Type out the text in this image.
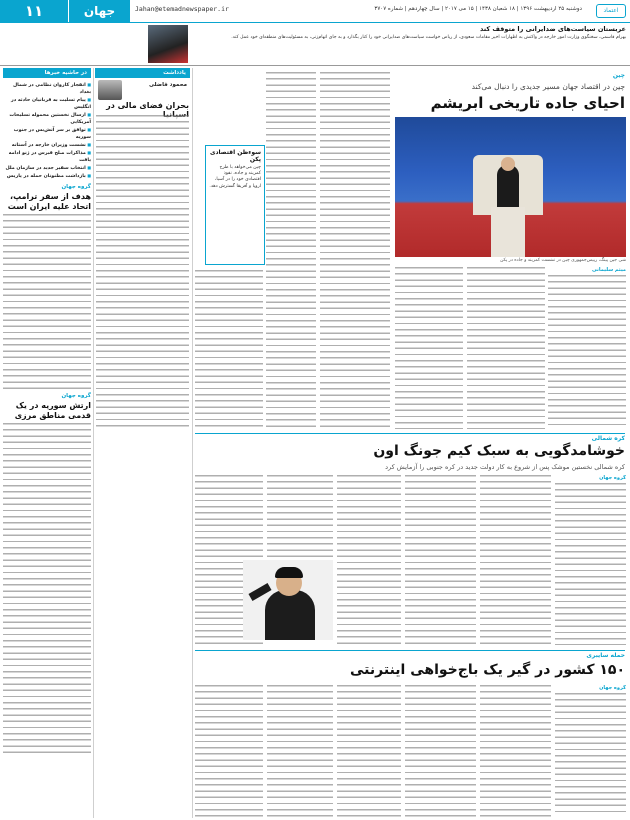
۱۱	جهان	Jahan@etemadnewspaper.ir	دوشنبه ۲۵ اردیبهشت ۱۳۹۶ | ۱۸ شعبان ۱۴۳۸ | ۱۵ می ۲۰۱۷ | سال چهاردهم | شماره ۳۷۰۷	اعتماد
عربستان سیاست‌های ضدایرانی را متوقف کند
بهرام قاسمی، سخنگوی وزارت امور خارجه در واکنش به اظهارات اخیر مقامات سعودی، از ریاض خواست سیاست‌های ضدایرانی خود را کنار بگذارد و به جای اتهام‌زنی، به مسئولیت‌های منطقه‌ای خود عمل کند.
در حاشیه خبرها
■ انفجار کاروان نظامی در شمال بغداد
■ پیام تسلیت به قربانیان حادثه در انگلیس
■ ارسال نخستین محموله تسلیحات آمریکایی
■ توافق بر سر آتش‌بس در جنوب سوریه
■ نشست وزیران خارجه در آستانه
■ مذاکرات صلح قبرس در ژنو ادامه یافت
■ انتخاب سفیر جدید در سازمان ملل
■ بازداشت مظنونان حمله در پاریس
گروه جهان
هدف از سفر ترامپ، اتحاد علیه ایران است
گروه جهان
ارتش سوریه در یک قدمی مناطق مرزی
یادداشت
محمود فاضلی
بحران فضای مالی در
چین
چین در اقتصاد جهان مسیر جدیدی را دنبال می‌کند
احیای جاده تاریخی ابریشم
شی جین پینگ، رییس‌جمهوری چین در نشست کمربند و جاده در پکن
میثم سلیمانی
سوءظن اقتصادی پکن
چین می‌خواهد با طرح کمربند و جاده، نفوذ اقتصادی خود را در آسیا، اروپا و آفریقا گسترش دهد.
کره شمالی
خوشامدگویی به سبک کیم جونگ اون
کره شمالی نخستین موشک پس از شروع به کار دولت جدید در کره جنوبی را آزمایش کرد
گروه جهان
حمله سایبری
۱۵۰ کشور در گیر یک باج‌خواهی اینترنتی
گروه جهان
